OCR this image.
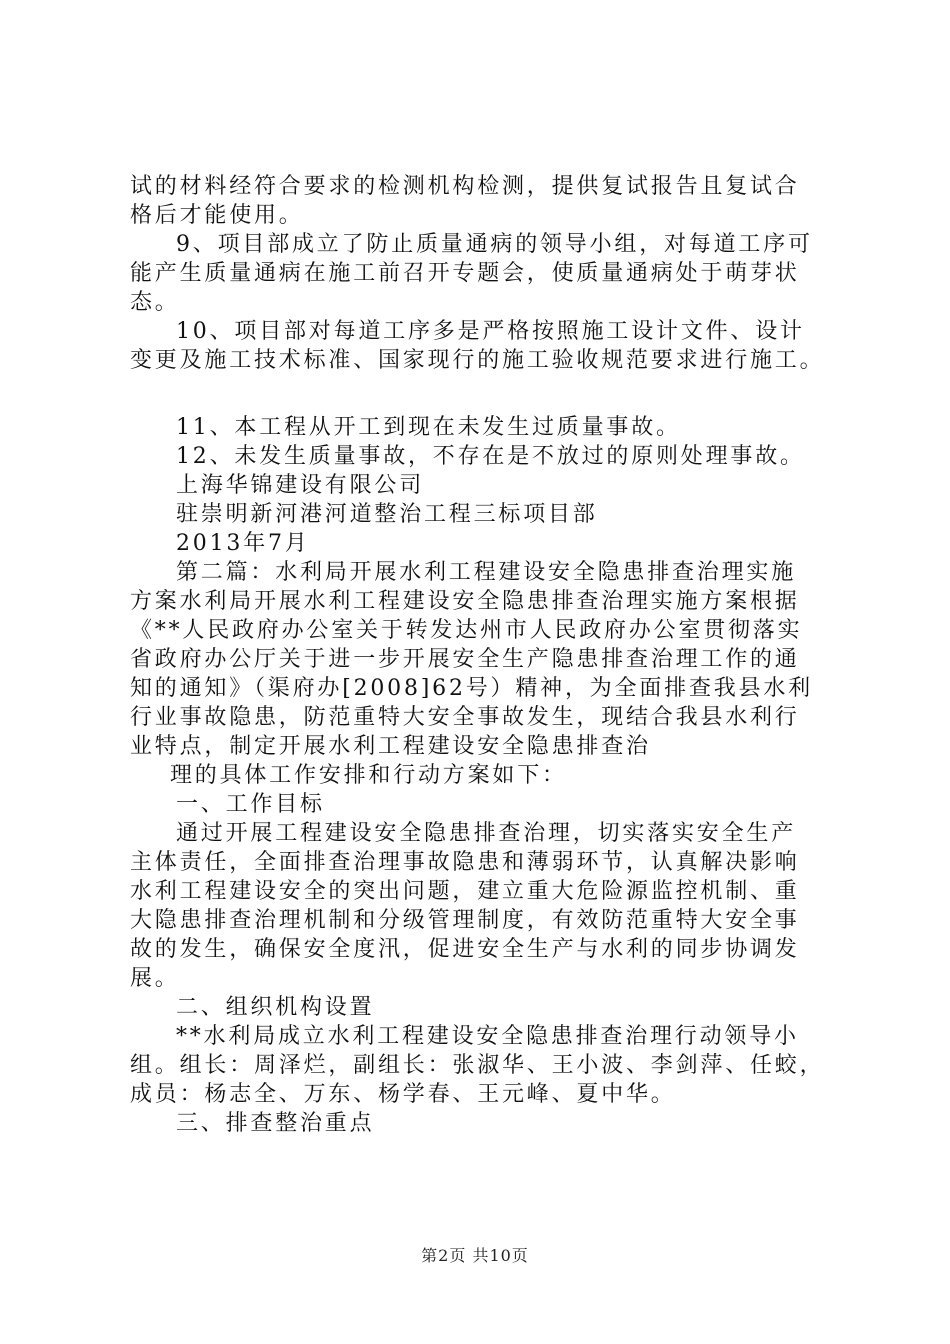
试的材料经符合要求的检测机构检测，提供复试报告且复试合
格后才能使用。
9、项目部成立了防止质量通病的领导小组，对每道工序可
能产生质量通病在施工前召开专题会，使质量通病处于萌芽状
态。
10、项目部对每道工序多是严格按照施工设计文件、设计
变更及施工技术标准、国家现行的施工验收规范要求进行施工。
11、本工程从开工到现在未发生过质量事故。
12、未发生质量事故，不存在是不放过的原则处理事故。
上海华锦建设有限公司
驻崇明新河港河道整治工程三标项目部
2013年7月
第二篇：水利局开展水利工程建设安全隐患排查治理实施
方案水利局开展水利工程建设安全隐患排查治理实施方案根据
《**人民政府办公室关于转发达州市人民政府办公室贯彻落实
省政府办公厅关于进一步开展安全生产隐患排查治理工作的通
知的通知》（渠府办[2008]62号）精神，为全面排查我县水利
行业事故隐患，防范重特大安全事故发生，现结合我县水利行
业特点，制定开展水利工程建设安全隐患排查治
理的具体工作安排和行动方案如下：
一、工作目标
通过开展工程建设安全隐患排查治理，切实落实安全生产
主体责任，全面排查治理事故隐患和薄弱环节，认真解决影响
水利工程建设安全的突出问题，建立重大危险源监控机制、重
大隐患排查治理机制和分级管理制度，有效防范重特大安全事
故的发生，确保安全度汛，促进安全生产与水利的同步协调发
展。
二、组织机构设置
**水利局成立水利工程建设安全隐患排查治理行动领导小
组。组长：周泽烂，副组长：张淑华、王小波、李剑萍、任蛟，
成员：杨志全、万东、杨学春、王元峰、夏中华。
三、排查整治重点
第2页 共10页
